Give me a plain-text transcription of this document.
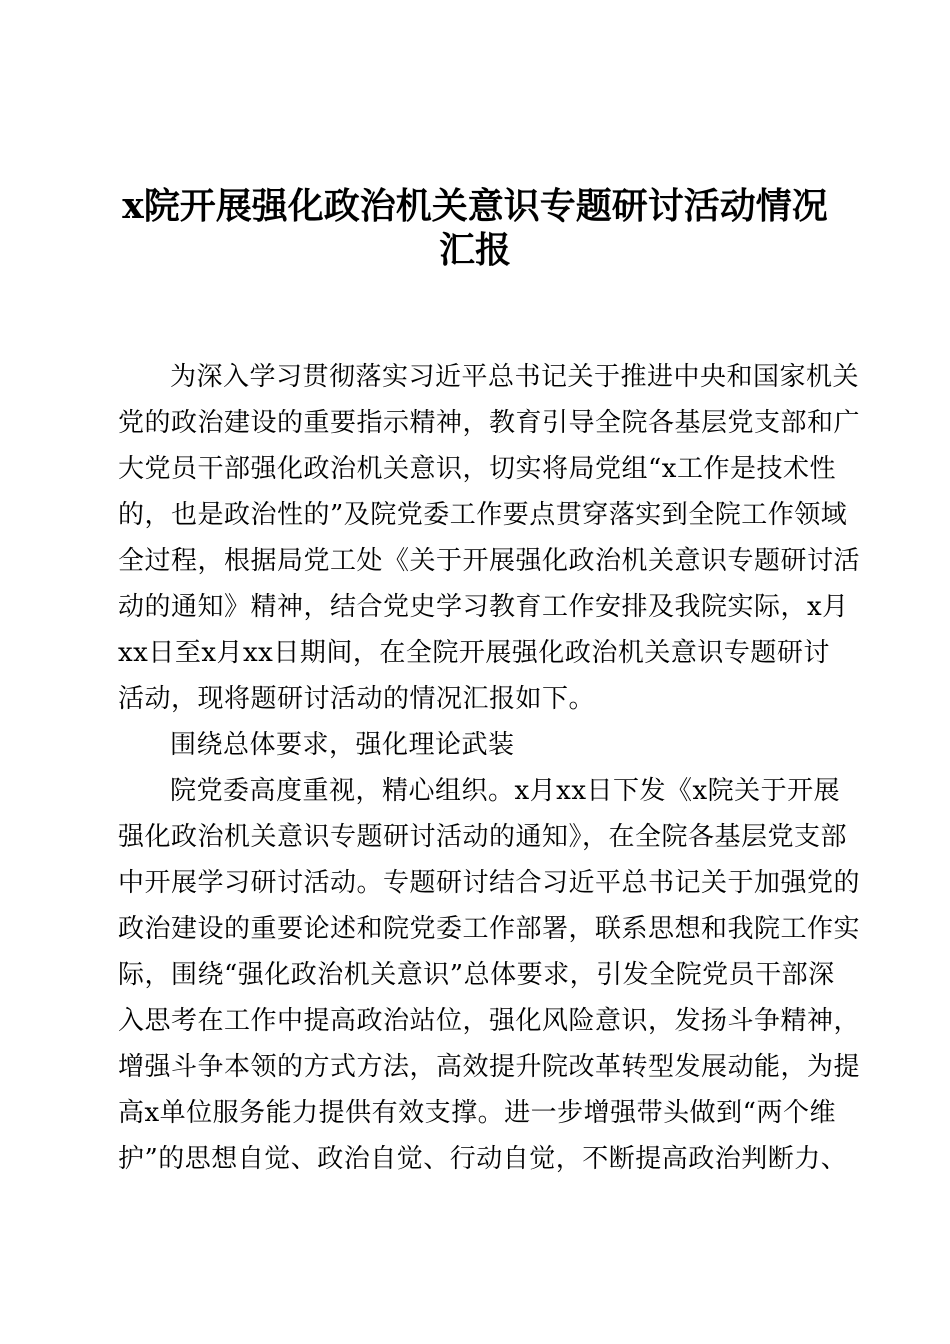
x院开展强化政治机关意识专题研讨活动情况
汇报
为深入学习贯彻落实习近平总书记关于推进中央和国家机关
党的政治建设的重要指示精神，教育引导全院各基层党支部和广
大党员干部强化政治机关意识，切实将局党组“x工作是技术性
的，也是政治性的”及院党委工作要点贯穿落实到全院工作领域
全过程，根据局党工处《关于开展强化政治机关意识专题研讨活
动的通知》精神，结合党史学习教育工作安排及我院实际，x月
xx日至x月xx日期间，在全院开展强化政治机关意识专题研讨
活动，现将题研讨活动的情况汇报如下。
围绕总体要求，强化理论武装
院党委高度重视，精心组织。x月xx日下发《x院关于开展
强化政治机关意识专题研讨活动的通知》，在全院各基层党支部
中开展学习研讨活动。专题研讨结合习近平总书记关于加强党的
政治建设的重要论述和院党委工作部署，联系思想和我院工作实
际，围绕“强化政治机关意识”总体要求，引发全院党员干部深
入思考在工作中提高政治站位，强化风险意识，发扬斗争精神，
增强斗争本领的方式方法，高效提升院改革转型发展动能，为提
高x单位服务能力提供有效支撑。进一步增强带头做到“两个维
护”的思想自觉、政治自觉、行动自觉，不断提高政治判断力、
